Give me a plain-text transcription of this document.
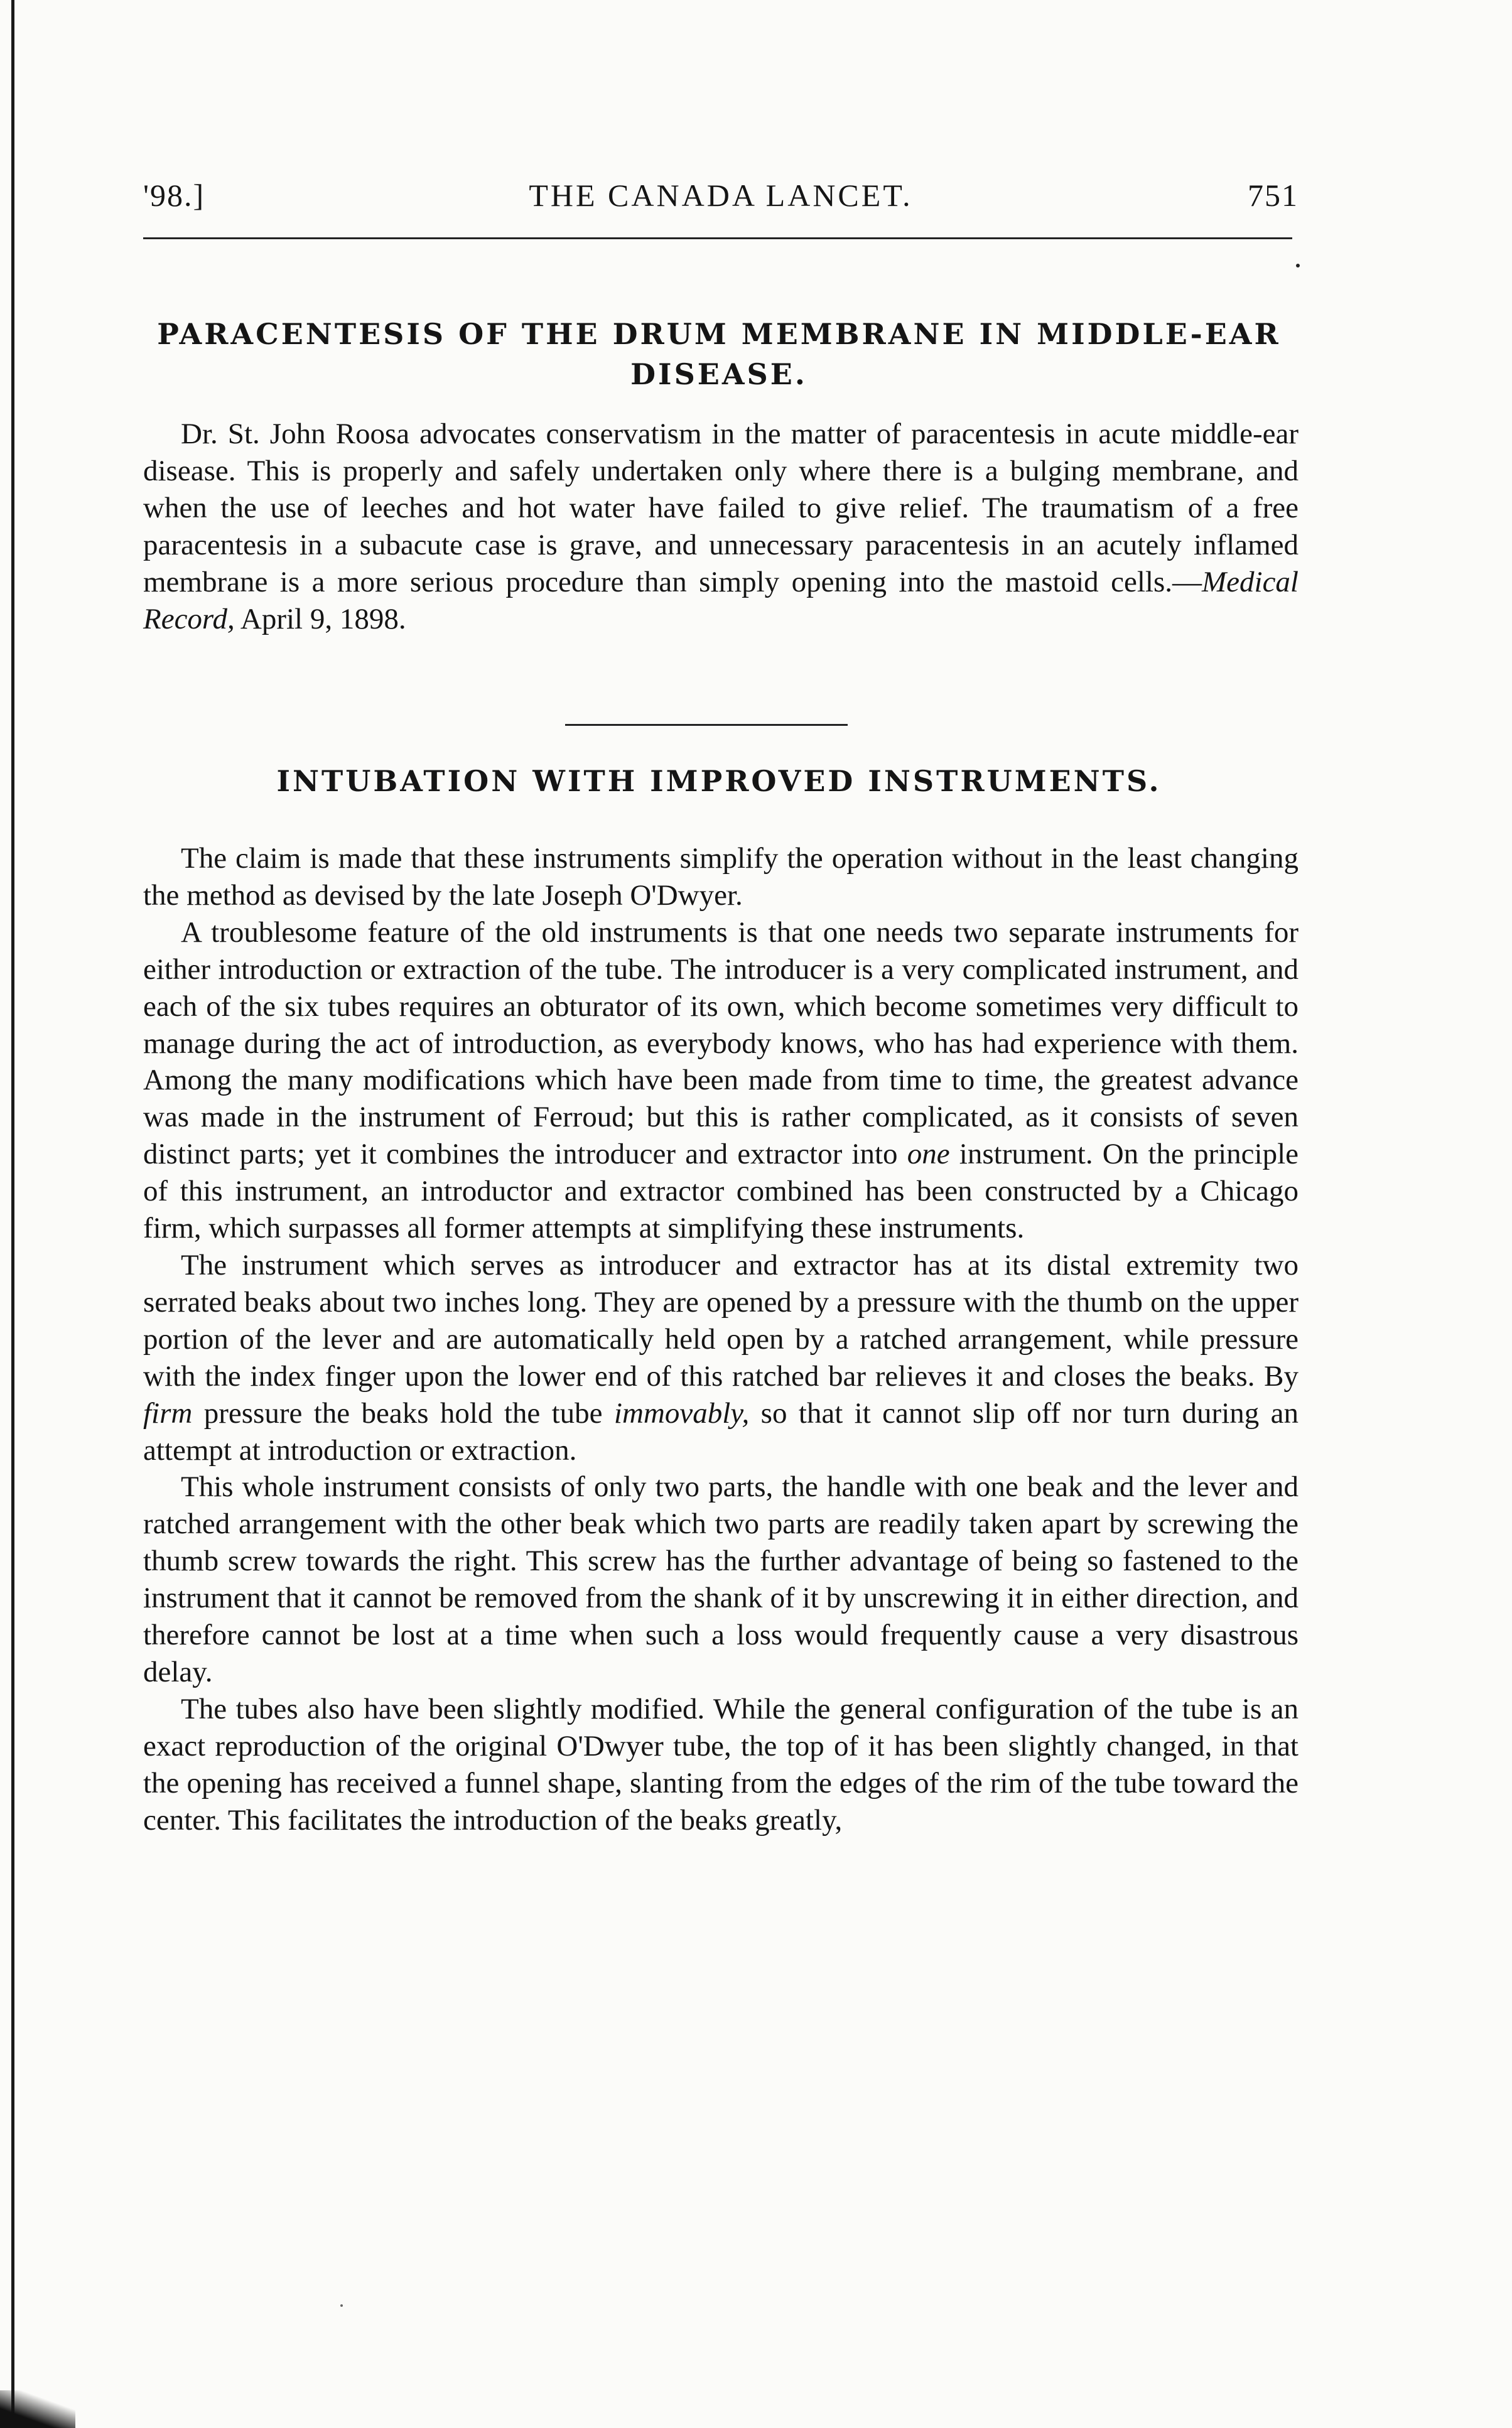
'98.]	THE CANADA LANCET.	751
PARACENTESIS OF THE DRUM MEMBRANE IN MIDDLE-EAR DISEASE.

Dr. St. John Roosa advocates conservatism in the matter of paracentesis in acute middle-ear disease. This is properly and safely undertaken only where there is a bulging membrane, and when the use of leeches and hot water have failed to give relief. The traumatism of a free paracentesis in a subacute case is grave, and unnecessary paracentesis in an acutely inflamed membrane is a more serious procedure than simply opening into the mastoid cells.—Medical Record, April 9, 1898.

INTUBATION WITH IMPROVED INSTRUMENTS.

The claim is made that these instruments simplify the operation without in the least changing the method as devised by the late Joseph O'Dwyer.

A troublesome feature of the old instruments is that one needs two separate instruments for either introduction or extraction of the tube. The introducer is a very complicated instrument, and each of the six tubes requires an obturator of its own, which become sometimes very difficult to manage during the act of introduction, as everybody knows, who has had experience with them. Among the many modifications which have been made from time to time, the greatest advance was made in the instrument of Ferroud; but this is rather complicated, as it consists of seven distinct parts; yet it combines the introducer and extractor into one instrument. On the principle of this instrument, an introductor and extractor combined has been constructed by a Chicago firm, which surpasses all former attempts at simplifying these instruments.

The instrument which serves as introducer and extractor has at its distal extremity two serrated beaks about two inches long. They are opened by a pressure with the thumb on the upper portion of the lever and are automatically held open by a ratched arrangement, while pressure with the index finger upon the lower end of this ratched bar relieves it and closes the beaks. By firm pressure the beaks hold the tube immovably, so that it cannot slip off nor turn during an attempt at introduction or extraction.

This whole instrument consists of only two parts, the handle with one beak and the lever and ratched arrangement with the other beak which two parts are readily taken apart by screwing the thumb screw towards the right. This screw has the further advantage of being so fastened to the instrument that it cannot be removed from the shank of it by unscrewing it in either direction, and therefore cannot be lost at a time when such a loss would frequently cause a very disastrous delay.

The tubes also have been slightly modified. While the general configuration of the tube is an exact reproduction of the original O'Dwyer tube, the top of it has been slightly changed, in that the opening has received a funnel shape, slanting from the edges of the rim of the tube toward the center. This facilitates the introduction of the beaks greatly,
